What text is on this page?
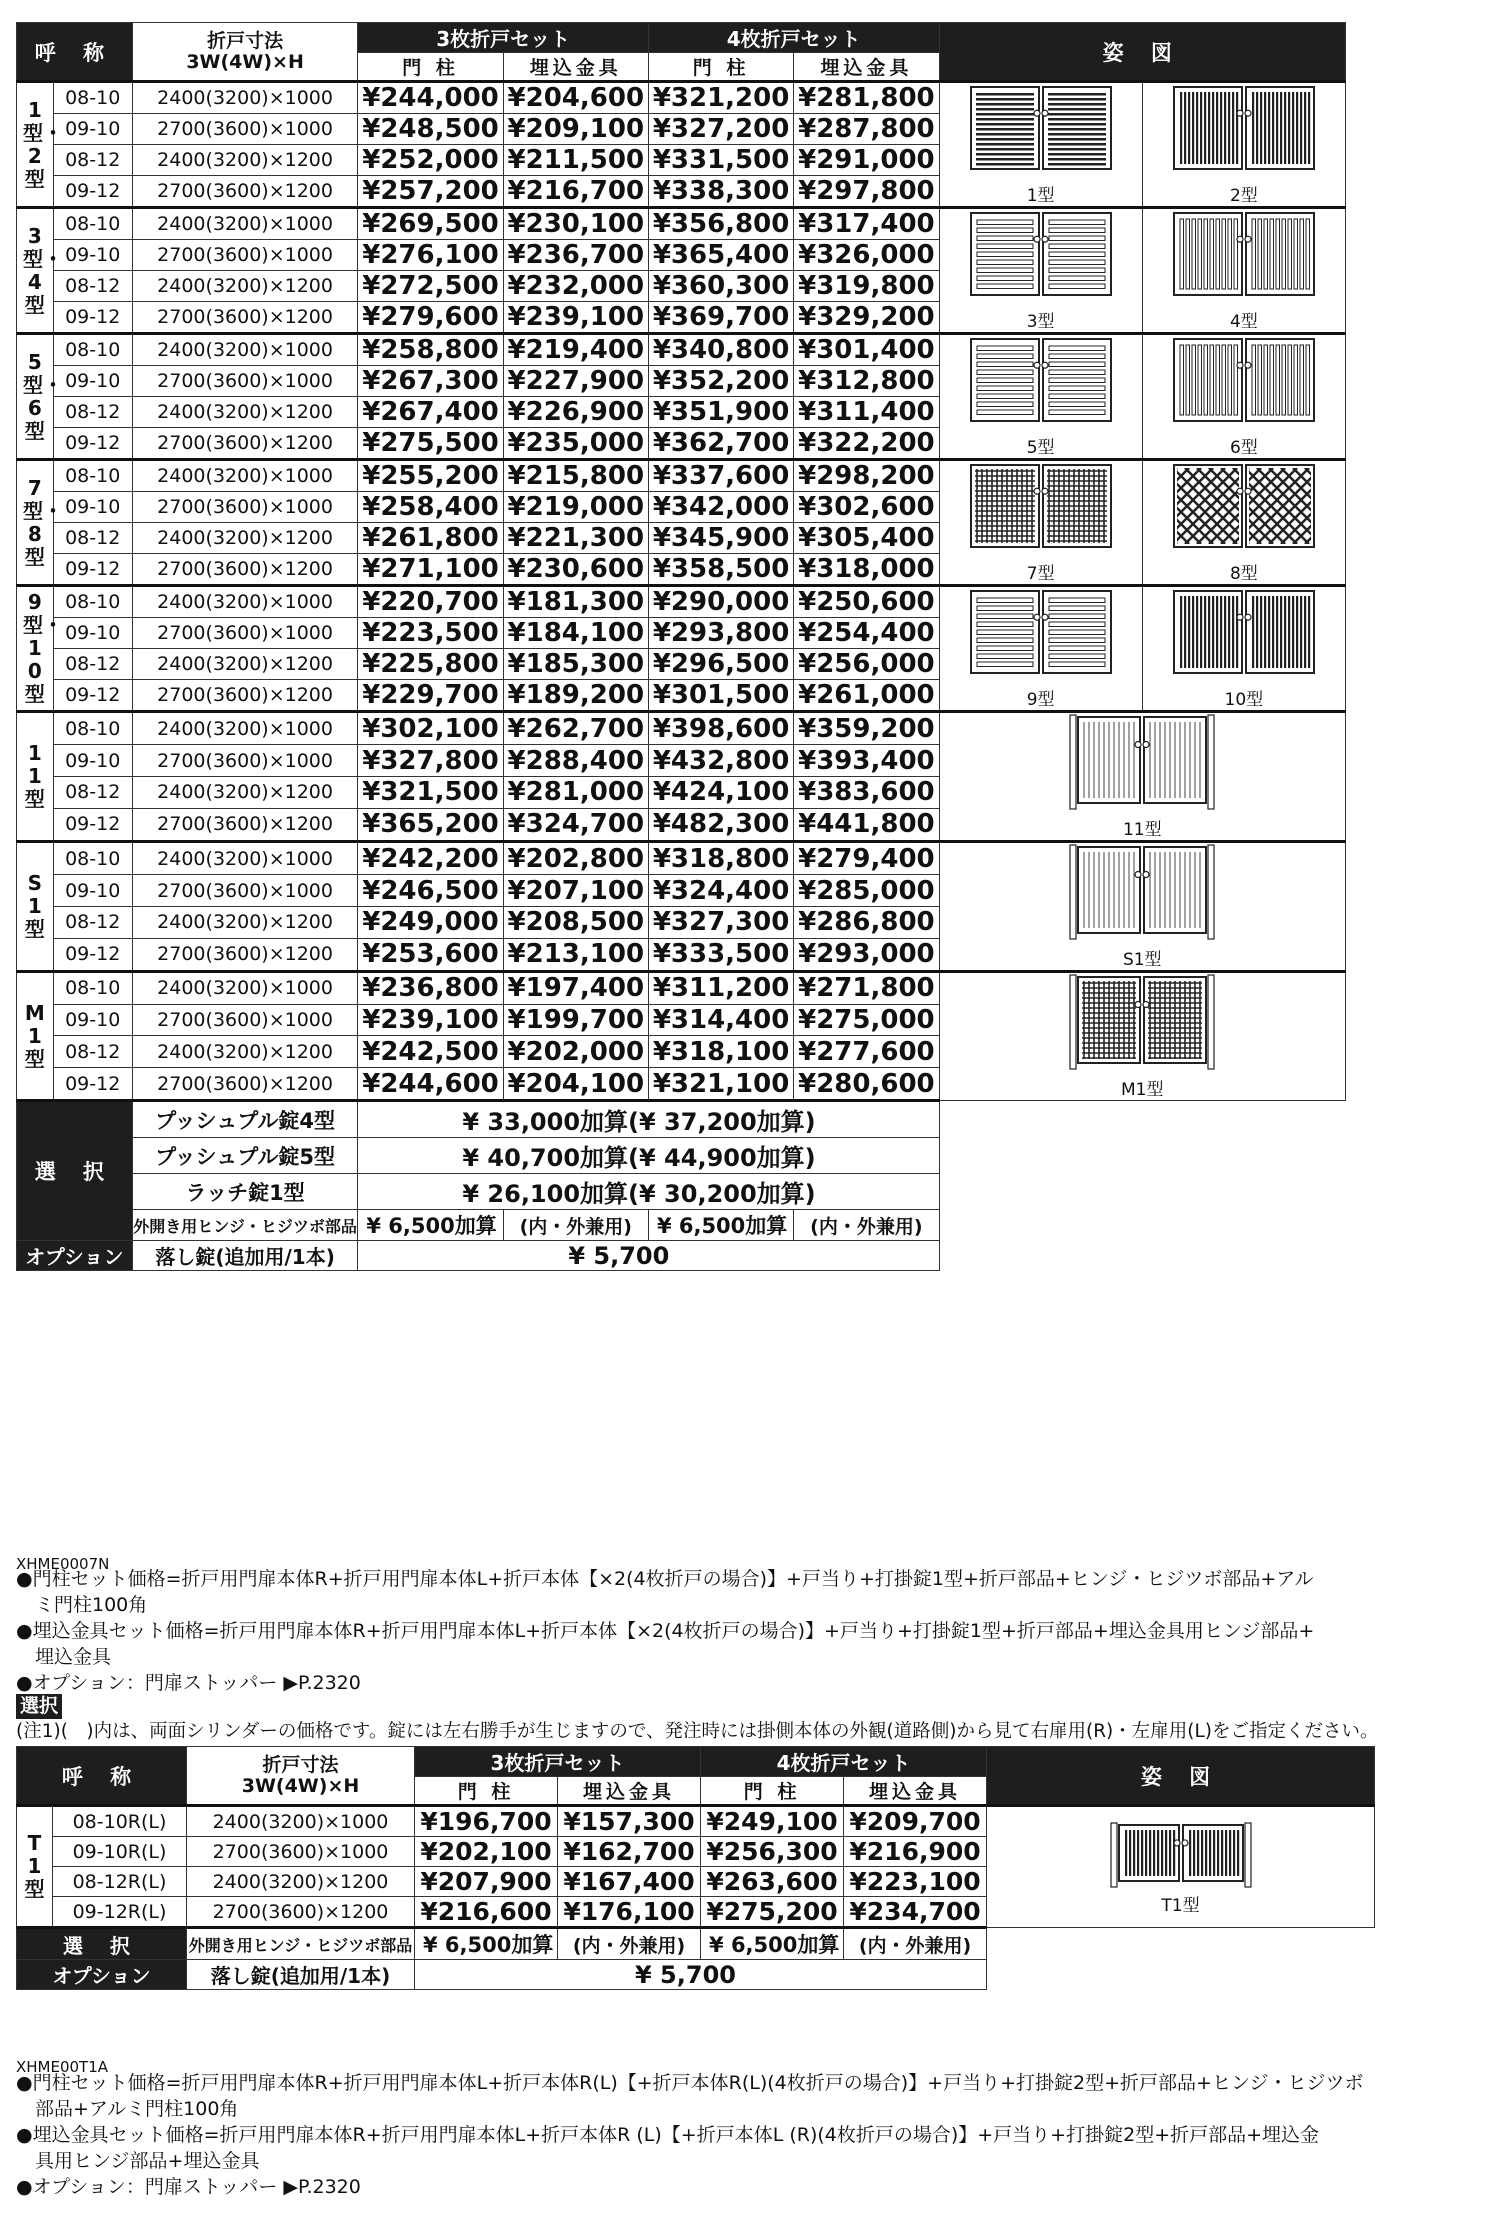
呼 称		折戸寸法
3W(4W)×H	3枚折戸セット		4枚折戸セット		姿 図	
			門 柱	埋込金具	門 柱	埋込金具		
1型・2型	08-10	2400(3200)×1000	¥244,000	¥204,600	¥321,200	¥281,800	1型	2型

	09-10	2700(3600)×1000	¥248,500	¥209,100	¥327,200	¥287,800		
	08-12	2400(3200)×1200	¥252,000	¥211,500	¥331,500	¥291,000		
	09-12	2700(3600)×1200	¥257,200	¥216,700	¥338,300	¥297,800		
3型・4型	08-10	2400(3200)×1000	¥269,500	¥230,100	¥356,800	¥317,400	3型	4型

	09-10	2700(3600)×1000	¥276,100	¥236,700	¥365,400	¥326,000		
	08-12	2400(3200)×1200	¥272,500	¥232,000	¥360,300	¥319,800		
	09-12	2700(3600)×1200	¥279,600	¥239,100	¥369,700	¥329,200		
5型・6型	08-10	2400(3200)×1000	¥258,800	¥219,400	¥340,800	¥301,400	5型	6型

	09-10	2700(3600)×1000	¥267,300	¥227,900	¥352,200	¥312,800		
	08-12	2400(3200)×1200	¥267,400	¥226,900	¥351,900	¥311,400		
	09-12	2700(3600)×1200	¥275,500	¥235,000	¥362,700	¥322,200		
7型・8型	08-10	2400(3200)×1000	¥255,200	¥215,800	¥337,600	¥298,200	7型	8型

	09-10	2700(3600)×1000	¥258,400	¥219,000	¥342,000	¥302,600		
	08-12	2400(3200)×1200	¥261,800	¥221,300	¥345,900	¥305,400		
	09-12	2700(3600)×1200	¥271,100	¥230,600	¥358,500	¥318,000		
9型・10型	08-10	2400(3200)×1000	¥220,700	¥181,300	¥290,000	¥250,600	9型	10型

	09-10	2700(3600)×1000	¥223,500	¥184,100	¥293,800	¥254,400		
	08-12	2400(3200)×1200	¥225,800	¥185,300	¥296,500	¥256,000		
	09-12	2700(3600)×1200	¥229,700	¥189,200	¥301,500	¥261,000		
11型	08-10	2400(3200)×1000	¥302,100	¥262,700	¥398,600	¥359,200	11型	

	09-10	2700(3600)×1000	¥327,800	¥288,400	¥432,800	¥393,400		
	08-12	2400(3200)×1200	¥321,500	¥281,000	¥424,100	¥383,600		
	09-12	2700(3600)×1200	¥365,200	¥324,700	¥482,300	¥441,800		
S1型	08-10	2400(3200)×1000	¥242,200	¥202,800	¥318,800	¥279,400	S1型	

	09-10	2700(3600)×1000	¥246,500	¥207,100	¥324,400	¥285,000		
	08-12	2400(3200)×1200	¥249,000	¥208,500	¥327,300	¥286,800		
	09-12	2700(3600)×1200	¥253,600	¥213,100	¥333,500	¥293,000		
M1型	08-10	2400(3200)×1000	¥236,800	¥197,400	¥311,200	¥271,800	M1型	

	09-10	2700(3600)×1000	¥239,100	¥199,700	¥314,400	¥275,000		
	08-12	2400(3200)×1200	¥242,500	¥202,000	¥318,100	¥277,600		
	09-12	2700(3600)×1200	¥244,600	¥204,100	¥321,100	¥280,600		
選 択		プッシュプル錠4型	¥ 33,000加算(¥ 37,200加算)					
		プッシュプル錠5型	¥ 40,700加算(¥ 44,900加算)					
		ラッチ錠1型	¥ 26,100加算(¥ 30,200加算)					
		外開き用ヒンジ・ヒジツボ部品	¥ 6,500加算	(内・外兼用)	¥ 6,500加算	(内・外兼用)		
オプション		落し錠(追加用/1本)	¥ 5,700					
XHME0007N
●門柱セット価格=折戸用門扉本体R+折戸用門扉本体L+折戸本体【×2(4枚折戸の場合)】+戸当り+打掛錠1型+折戸部品+ヒンジ・ヒジツボ部品+アル
　ミ門柱100角
●埋込金具セット価格=折戸用門扉本体R+折戸用門扉本体L+折戸本体【×2(4枚折戸の場合)】+戸当り+打掛錠1型+折戸部品+埋込金具用ヒンジ部品+
　埋込金具
●オプション：門扉ストッパー ▶P.2320
選択
(注1)(　)内は、両面シリンダーの価格です。錠には左右勝手が生じますので、発注時には掛側本体の外観(道路側)から見て右扉用(R)・左扉用(L)をご指定ください。
呼 称		折戸寸法
3W(4W)×H	3枚折戸セット		4枚折戸セット		姿 図
			門 柱	埋込金具	門 柱	埋込金具	
T1型	08-10R(L)	2400(3200)×1000	¥196,700	¥157,300	¥249,100	¥209,700	T1型

	09-10R(L)	2700(3600)×1000	¥202,100	¥162,700	¥256,300	¥216,900	
	08-12R(L)	2400(3200)×1200	¥207,900	¥167,400	¥263,600	¥223,100	
	09-12R(L)	2700(3600)×1200	¥216,600	¥176,100	¥275,200	¥234,700	
選 択		外開き用ヒンジ・ヒジツボ部品	¥ 6,500加算	(内・外兼用)	¥ 6,500加算	(内・外兼用)	
オプション		落し錠(追加用/1本)	¥ 5,700				
XHME00T1A
●門柱セット価格=折戸用門扉本体R+折戸用門扉本体L+折戸本体R(L)【+折戸本体R(L)(4枚折戸の場合)】+戸当り+打掛錠2型+折戸部品+ヒンジ・ヒジツボ
　部品+アルミ門柱100角
●埋込金具セット価格=折戸用門扉本体R+折戸用門扉本体L+折戸本体R (L)【+折戸本体L (R)(4枚折戸の場合)】+戸当り+打掛錠2型+折戸部品+埋込金
　具用ヒンジ部品+埋込金具
●オプション：門扉ストッパー ▶P.2320
